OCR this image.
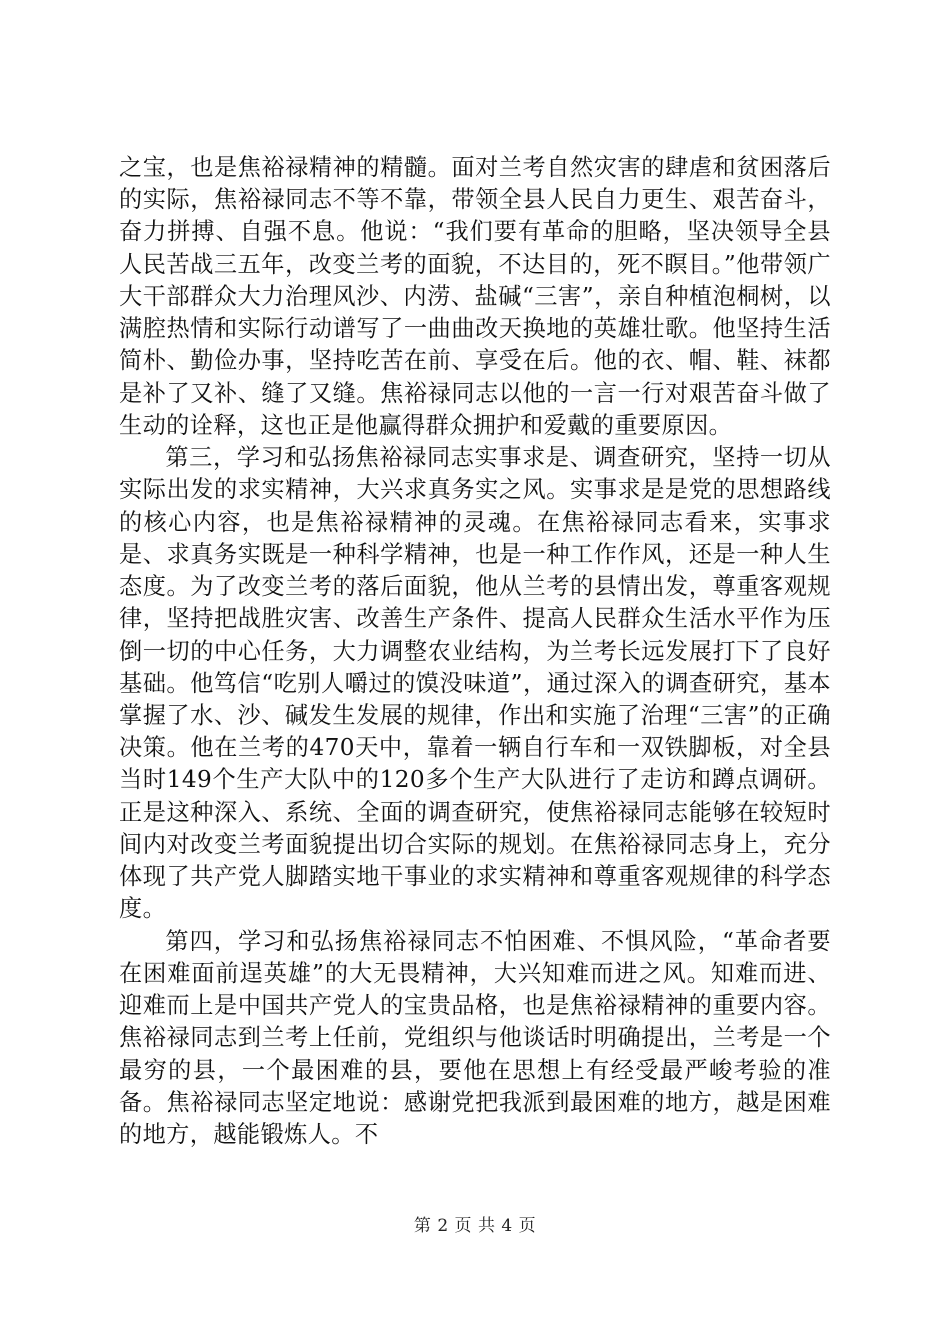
之宝，也是焦裕禄精神的精髓。面对兰考自然灾害的肆虐和贫困落后的实际，焦裕禄同志不等不靠，带领全县人民自力更生、艰苦奋斗，奋力拼搏、自强不息。他说：“我们要有革命的胆略，坚决领导全县人民苦战三五年，改变兰考的面貌，不达目的，死不瞑目。”他带领广大干部群众大力治理风沙、内涝、盐碱“三害”，亲自种植泡桐树，以满腔热情和实际行动谱写了一曲曲改天换地的英雄壮歌。他坚持生活简朴、勤俭办事，坚持吃苦在前、享受在后。他的衣、帽、鞋、袜都是补了又补、缝了又缝。焦裕禄同志以他的一言一行对艰苦奋斗做了生动的诠释，这也正是他赢得群众拥护和爱戴的重要原因。

第三，学习和弘扬焦裕禄同志实事求是、调查研究，坚持一切从实际出发的求实精神，大兴求真务实之风。实事求是是党的思想路线的核心内容，也是焦裕禄精神的灵魂。在焦裕禄同志看来，实事求是、求真务实既是一种科学精神，也是一种工作作风，还是一种人生态度。为了改变兰考的落后面貌，他从兰考的县情出发，尊重客观规律，坚持把战胜灾害、改善生产条件、提高人民群众生活水平作为压倒一切的中心任务，大力调整农业结构，为兰考长远发展打下了良好基础。他笃信“吃别人嚼过的馍没味道”，通过深入的调查研究，基本掌握了水、沙、碱发生发展的规律，作出和实施了治理“三害”的正确决策。他在兰考的470天中，靠着一辆自行车和一双铁脚板，对全县当时149个生产大队中的120多个生产大队进行了走访和蹲点调研。正是这种深入、系统、全面的调查研究，使焦裕禄同志能够在较短时间内对改变兰考面貌提出切合实际的规划。在焦裕禄同志身上，充分体现了共产党人脚踏实地干事业的求实精神和尊重客观规律的科学态度。

第四，学习和弘扬焦裕禄同志不怕困难、不惧风险，“革命者要在困难面前逞英雄”的大无畏精神，大兴知难而进之风。知难而进、迎难而上是中国共产党人的宝贵品格，也是焦裕禄精神的重要内容。焦裕禄同志到兰考上任前，党组织与他谈话时明确提出，兰考是一个最穷的县，一个最困难的县，要他在思想上有经受最严峻考验的准备。焦裕禄同志坚定地说：感谢党把我派到最困难的地方，越是困难的地方，越能锻炼人。不

第 2 页 共 4 页
